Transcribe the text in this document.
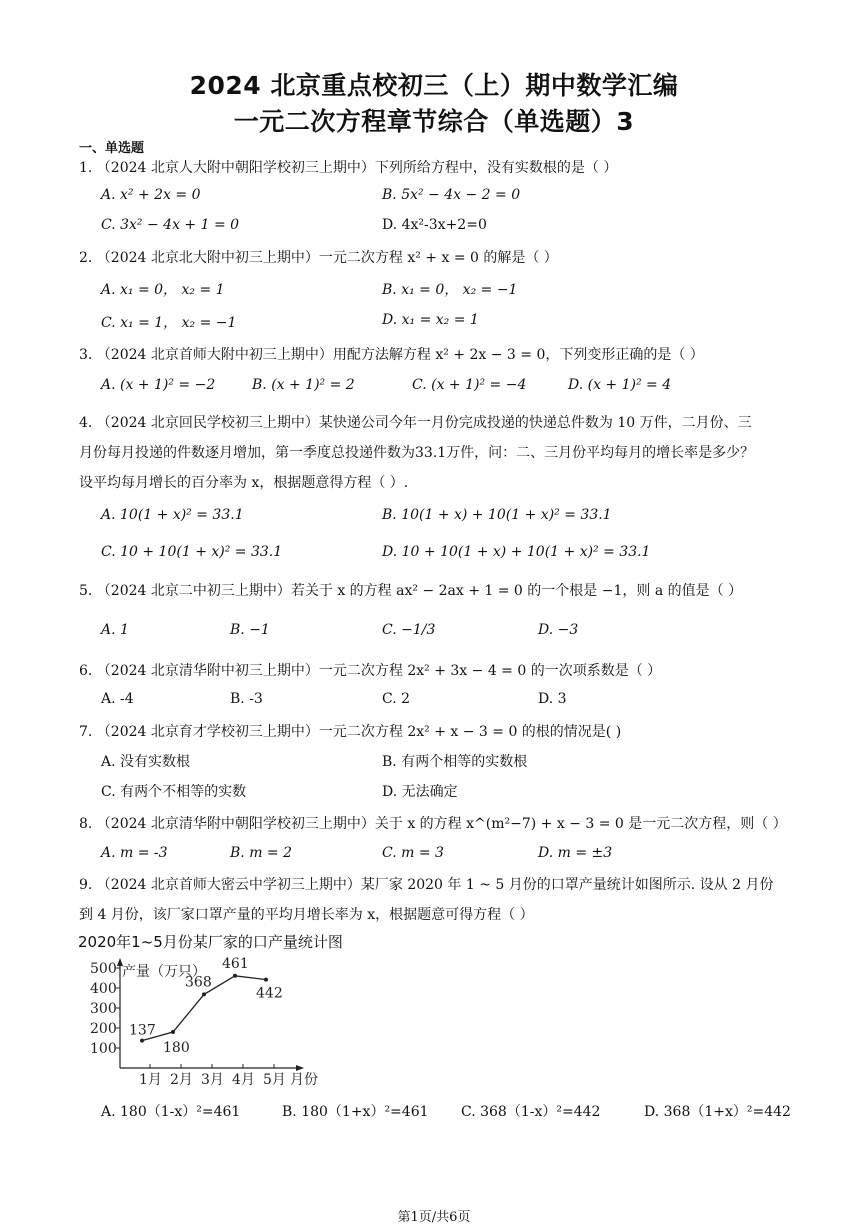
2024 北京重点校初三（上）期中数学汇编
一元二次方程章节综合（单选题）3
一、单选题
1. （2024 北京人大附中朝阳学校初三上期中）下列所给方程中，没有实数根的是（ ）
A. x² + 2x = 0	B. 5x² − 4x − 2 = 0
C. 3x² − 4x + 1 = 0	D. 4x²-3x+2=0
2. （2024 北京北大附中初三上期中）一元二次方程 x² + x = 0 的解是（ ）
A. x₁ = 0， x₂ = 1	B. x₁ = 0， x₂ = −1
C. x₁ = 1， x₂ = −1	D. x₁ = x₂ = 1
3. （2024 北京首师大附中初三上期中）用配方法解方程 x² + 2x − 3 = 0，下列变形正确的是（ ）
A. (x + 1)² = −2	B. (x + 1)² = 2	C. (x + 1)² = −4	D. (x + 1)² = 4
4. （2024 北京回民学校初三上期中）某快递公司今年一月份完成投递的快递总件数为 10 万件，二月份、三
月份每月投递的件数逐月增加，第一季度总投递件数为33.1万件，问：二、三月份平均每月的增长率是多少？
设平均每月增长的百分率为 x，根据题意得方程（ ）.
A. 10(1 + x)² = 33.1	B. 10(1 + x) + 10(1 + x)² = 33.1
C. 10 + 10(1 + x)² = 33.1	D. 10 + 10(1 + x) + 10(1 + x)² = 33.1
5. （2024 北京二中初三上期中）若关于 x 的方程 ax² − 2ax + 1 = 0 的一个根是 −1，则 a 的值是（ ）
A. 1	B. −1	C. −1/3	D. −3
6. （2024 北京清华附中初三上期中）一元二次方程 2x² + 3x − 4 = 0 的一次项系数是（ ）
A. -4	B. -3	C. 2	D. 3
7. （2024 北京育才学校初三上期中）一元二次方程 2x² + x − 3 = 0 的根的情况是( )
A. 没有实数根	B. 有两个相等的实数根
C. 有两个不相等的实数	D. 无法确定
8. （2024 北京清华附中朝阳学校初三上期中）关于 x 的方程 x^(m²−7) + x − 3 = 0 是一元二次方程，则（ ）
A. m = -3	B. m = 2	C. m = 3	D. m = ±3
9. （2024 北京首师大密云中学初三上期中）某厂家 2020 年 1 ~ 5 月份的口罩产量统计如图所示. 设从 2 月份
到 4 月份，该厂家口罩产量的平均月增长率为 x，根据题意可得方程（ ）
2020年1~5月份某厂家的口产量统计图
产量（万只）
100
200
300
400
500
1月 2月 3月 4月 5月
137
180
368
461
442
月份
A. 180（1-x）²=461	B. 180（1+x）²=461 C. 368（1-x）²=442	D. 368（1+x）²=442
第1页/共6页
